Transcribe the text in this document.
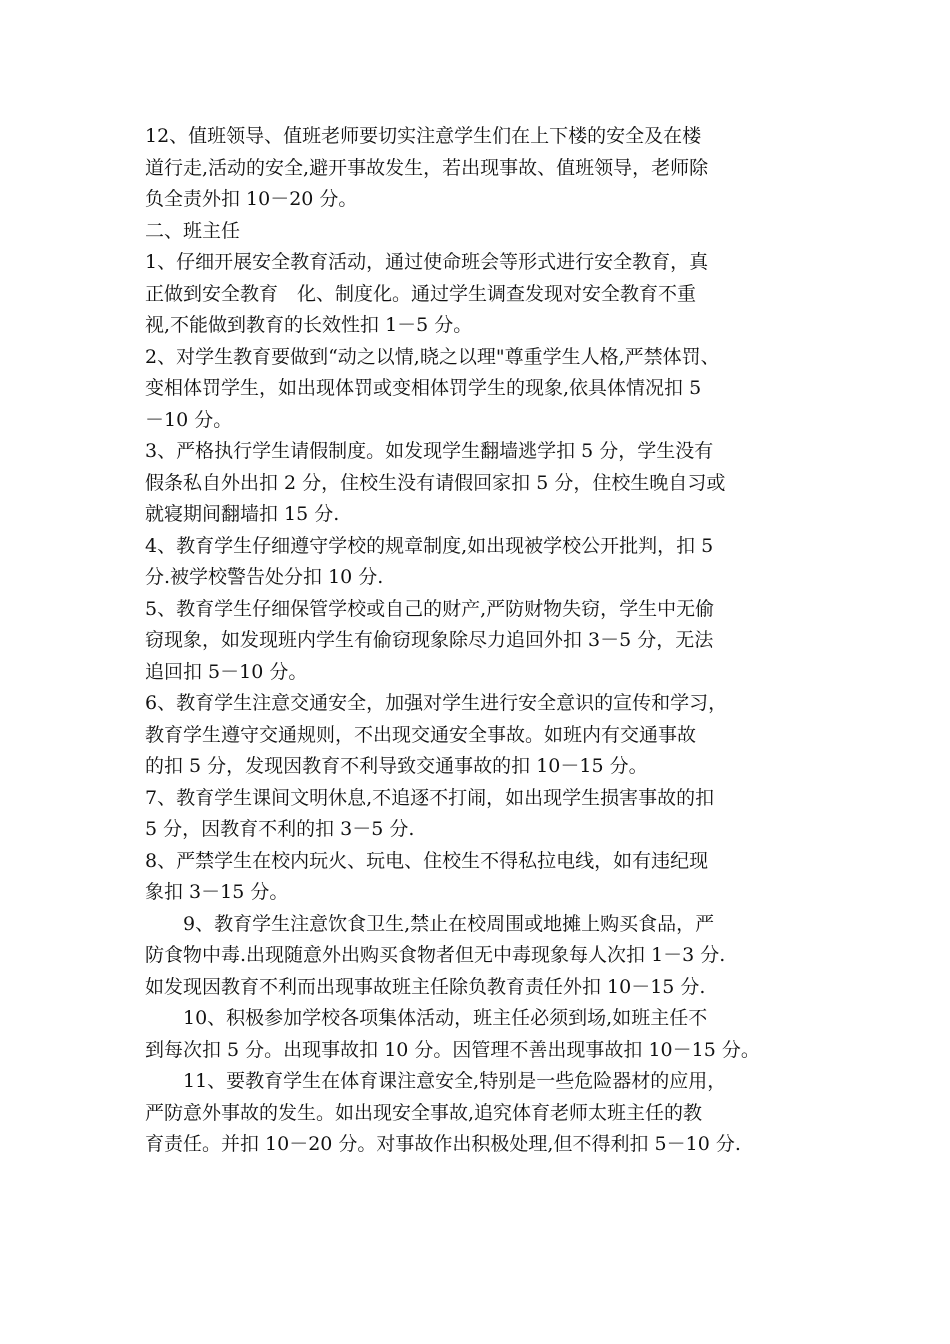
12、值班领导、值班老师要切实注意学生们在上下楼的安全及在楼
道行走,活动的安全,避开事故发生，若出现事故、值班领导，老师除
负全责外扣 10－20 分。
二、班主任
1、仔细开展安全教育活动，通过使命班会等形式进行安全教育，真
正做到安全教育　化、制度化。通过学生调查发现对安全教育不重
视,不能做到教育的长效性扣 1－5 分。
2、对学生教育要做到“动之以情,晓之以理"尊重学生人格,严禁体罚、
变相体罚学生，如出现体罚或变相体罚学生的现象,依具体情况扣 5
－10 分。
3、严格执行学生请假制度。如发现学生翻墙逃学扣 5 分，学生没有
假条私自外出扣 2 分，住校生没有请假回家扣 5 分，住校生晚自习或
就寝期间翻墙扣 15 分.
4、教育学生仔细遵守学校的规章制度,如出现被学校公开批判，扣 5
分.被学校警告处分扣 10 分.
5、教育学生仔细保管学校或自己的财产,严防财物失窃，学生中无偷
窃现象，如发现班内学生有偷窃现象除尽力追回外扣 3－5 分，无法
追回扣 5－10 分。
6、教育学生注意交通安全，加强对学生进行安全意识的宣传和学习，
教育学生遵守交通规则，不出现交通安全事故。如班内有交通事故
的扣 5 分，发现因教育不利导致交通事故的扣 10－15 分。
7、教育学生课间文明休息,不追逐不打闹，如出现学生损害事故的扣
5 分，因教育不利的扣 3－5 分.
8、严禁学生在校内玩火、玩电、住校生不得私拉电线，如有违纪现
象扣 3－15 分。
　　9、教育学生注意饮食卫生,禁止在校周围或地摊上购买食品，严
防食物中毒.出现随意外出购买食物者但无中毒现象每人次扣 1－3 分.
如发现因教育不利而出现事故班主任除负教育责任外扣 10－15 分.
　　10、积极参加学校各项集体活动，班主任必须到场,如班主任不
到每次扣 5 分。出现事故扣 10 分。因管理不善出现事故扣 10－15 分。
　　11、要教育学生在体育课注意安全,特别是一些危险器材的应用，
严防意外事故的发生。如出现安全事故,追究体育老师太班主任的教
育责任。并扣 10－20 分。对事故作出积极处理,但不得利扣 5－10 分.
